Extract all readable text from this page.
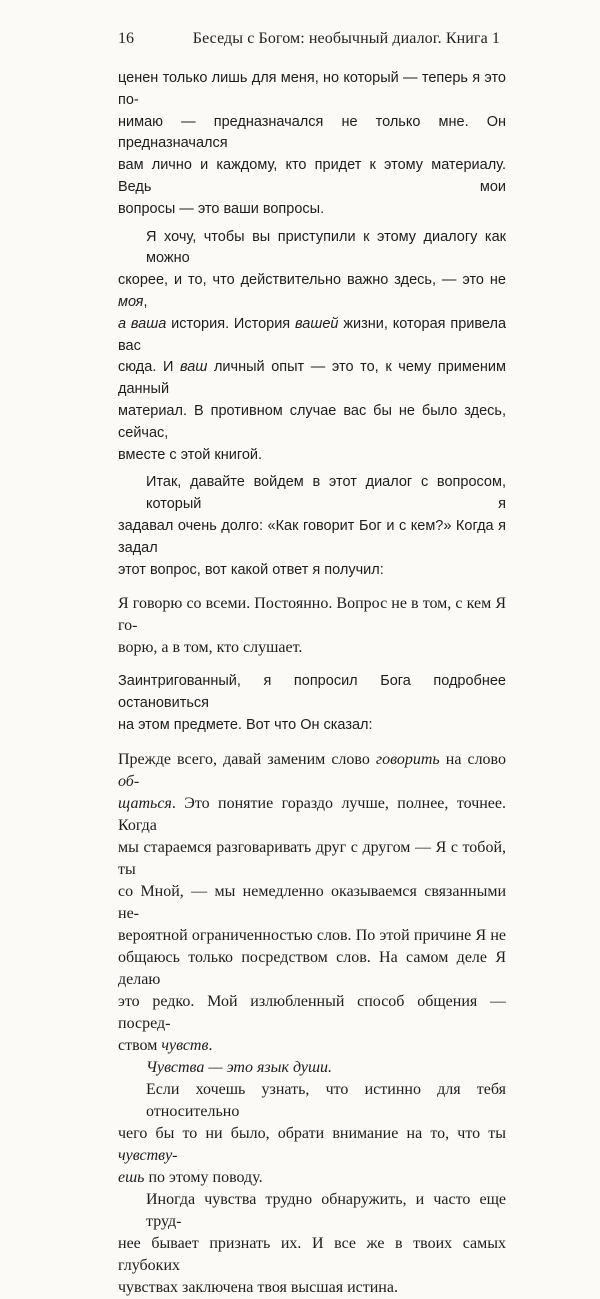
16	Беседы с Богом: необычный диалог. Книга 1

ценен только лишь для меня, но который — теперь я это по-

нимаю — предназначался не только мне. Он предназначался

вам лично и каждому, кто придет к этому материалу. Ведь мои

вопросы — это ваши вопросы.

Я хочу, чтобы вы приступили к этому диалогу как можно

скорее, и то, что действительно важно здесь, — это не моя,

а ваша история. История вашей жизни, которая привела вас

сюда. И ваш личный опыт — это то, к чему применим данный

материал. В противном случае вас бы не было здесь, сейчас,

вместе с этой книгой.

Итак, давайте войдем в этот диалог с вопросом, который я

задавал очень долго: «Как говорит Бог и с кем?» Когда я задал

этот вопрос, вот какой ответ я получил:

Я говорю со всеми. Постоянно. Вопрос не в том, с кем Я го-

ворю, а в том, кто слушает.

Заинтригованный, я попросил Бога подробнее остановиться

на этом предмете. Вот что Он сказал:

Прежде всего, давай заменим слово говорить на слово об-

щаться. Это понятие гораздо лучше, полнее, точнее. Когда

мы стараемся разговаривать друг с другом — Я с тобой, ты

со Мной, — мы немедленно оказываемся связанными не-

вероятной ограниченностью слов. По этой причине Я не

общаюсь только посредством слов. На самом деле Я делаю

это редко. Мой излюбленный способ общения — посред-

ством чувств.

Чувства — это язык души.

Если хочешь узнать, что истинно для тебя относительно

чего бы то ни было, обрати внимание на то, что ты чувству-

ешь по этому поводу.

Иногда чувства трудно обнаружить, и часто еще труд-

нее бывает признать их. И все же в твоих самых глубоких

чувствах заключена твоя высшая истина.
